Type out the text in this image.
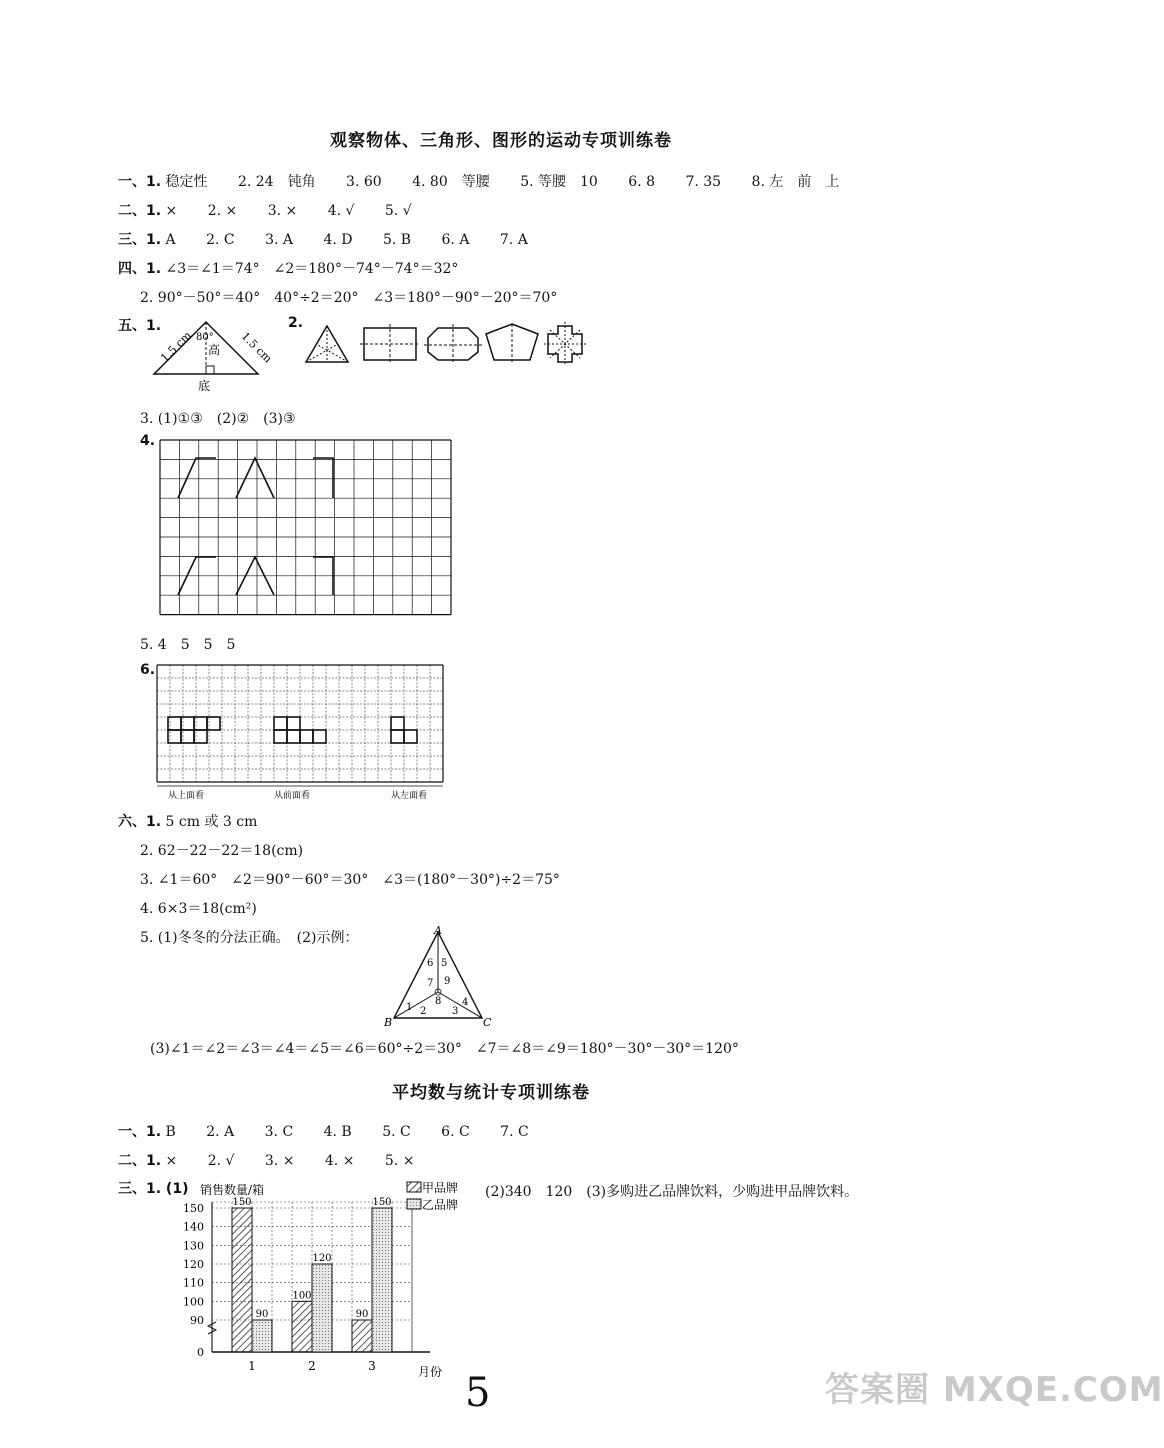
观察物体、三角形、图形的运动专项训练卷
一、1. 稳定性 2. 24　钝角 3. 60 4. 80　等腰 5. 等腰　10 6. 8 7. 35 8. 左　前　上
二、1. × 2. × 3. × 4. √ 5. √
三、1. A 2. C 3. A 4. D 5. B 6. A 7. A
四、1. ∠3＝∠1＝74°　∠2＝180°－74°－74°＝32°
2. 90°－50°＝40°　40°÷2＝20°　∠3＝180°－90°－20°＝70°
五、1.
1.5 cm	1.5 cm
80°
高
底
2.
3. (1)①③　(2)②　(3)③
4.
5. 4　5　5　5
6.
从上面看	从前面看	从左面看
六、1. 5 cm 或 3 cm
2. 62－22－22＝18(cm)
3. ∠1＝60°　∠2＝90°－60°＝30°　∠3＝(180°－30°)÷2＝75°
4. 6×3＝18(cm²)
5. (1)冬冬的分法正确。　(2)示例：	A
B	C
1 2	3
4
5
6
7
8
9
(3)∠1＝∠2＝∠3＝∠4＝∠5＝∠6＝60°÷2＝30°　∠7＝∠8＝∠9＝180°－30°－30°＝120°
平均数与统计专项训练卷
一、1. B 2. A 3. C 4. B 5. C 6. C 7. C
二、1. × 2. √ 3. × 4. × 5. ×
三、1. (1)
150
90
100
120
90
150
150
140
130
120
110
100
90
0
1	2	3
销售数量/箱
月份
甲品牌
乙品牌
(2)340　120　(3)多购进乙品牌饮料，少购进甲品牌饮料。
5	答案圈 MXQE.COM
